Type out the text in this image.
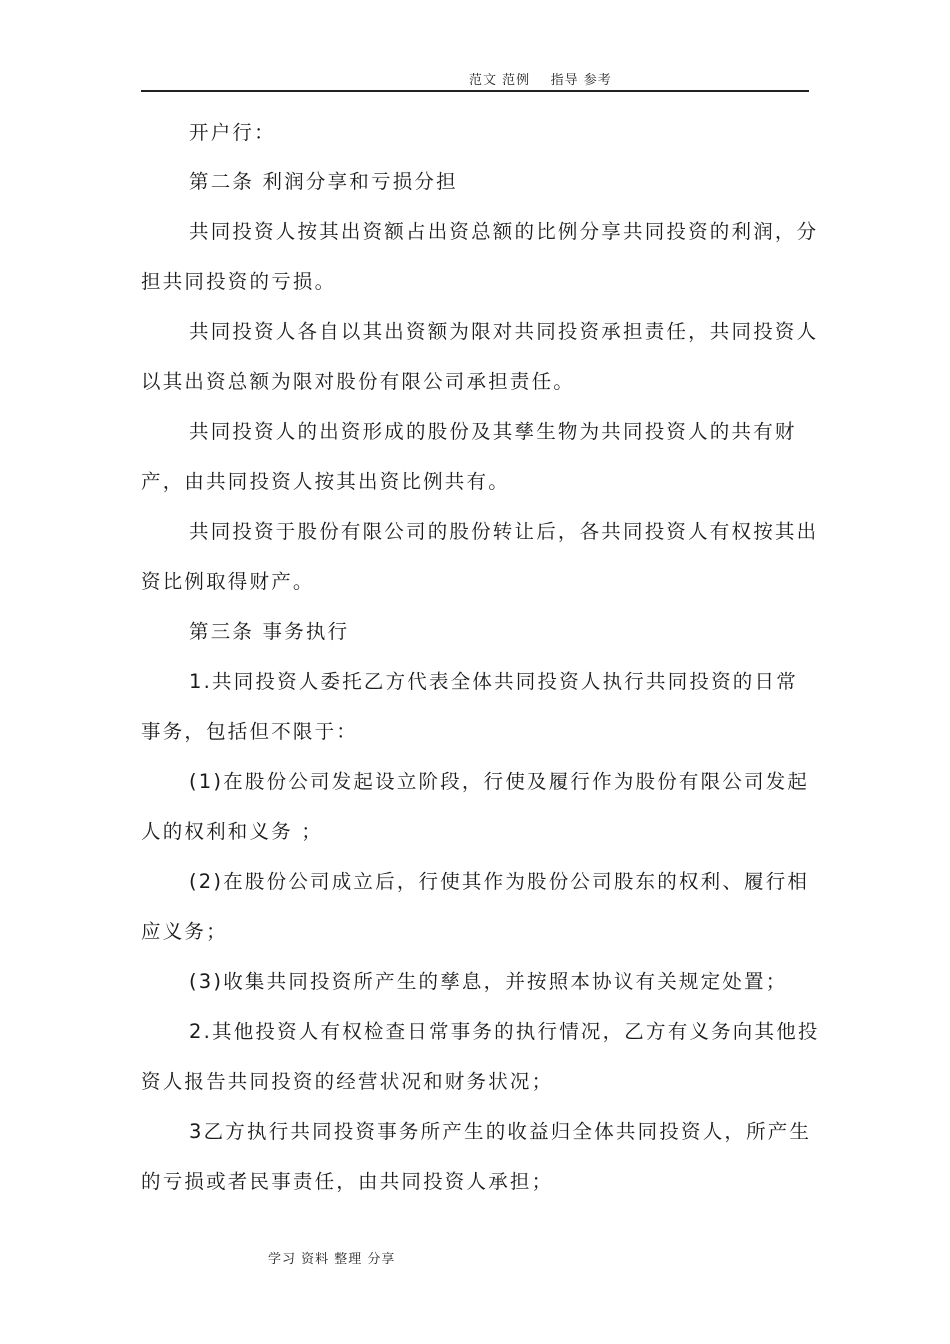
范文 范例    指导 参考
开户行：
第二条 利润分享和亏损分担
共同投资人按其出资额占出资总额的比例分享共同投资的利润，分
担共同投资的亏损。
共同投资人各自以其出资额为限对共同投资承担责任，共同投资人
以其出资总额为限对股份有限公司承担责任。
共同投资人的出资形成的股份及其孳生物为共同投资人的共有财
产，由共同投资人按其出资比例共有。
共同投资于股份有限公司的股份转让后，各共同投资人有权按其出
资比例取得财产。
第三条 事务执行
1.共同投资人委托乙方代表全体共同投资人执行共同投资的日常
事务，包括但不限于：
(1)在股份公司发起设立阶段，行使及履行作为股份有限公司发起
人的权利和义务 ；
(2)在股份公司成立后，行使其作为股份公司股东的权利、履行相
应义务；
(3)收集共同投资所产生的孳息，并按照本协议有关规定处置；
2.其他投资人有权检查日常事务的执行情况，乙方有义务向其他投
资人报告共同投资的经营状况和财务状况；
3乙方执行共同投资事务所产生的收益归全体共同投资人，所产生
的亏损或者民事责任，由共同投资人承担；
学习 资料 整理 分享
